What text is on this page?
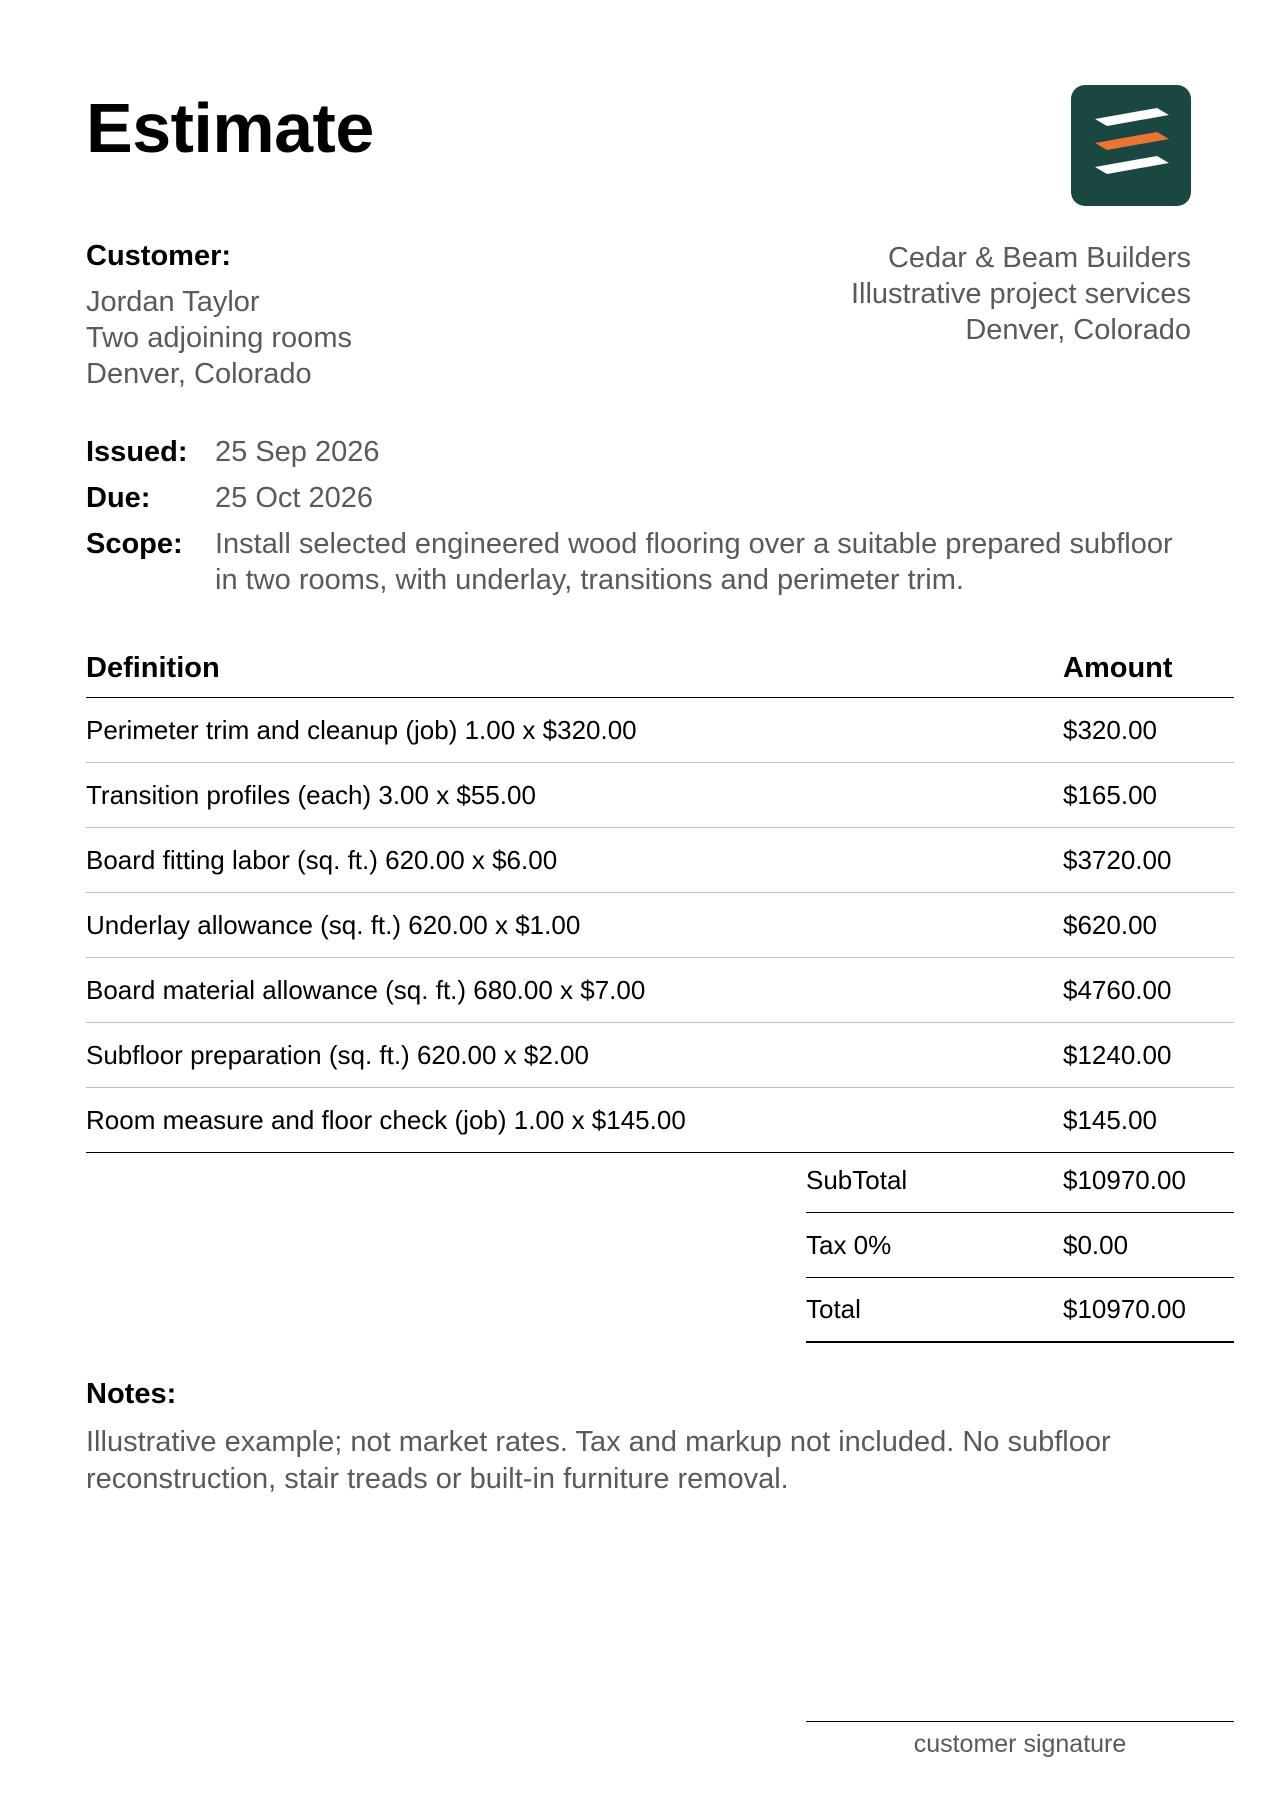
Estimate
Customer:
Jordan Taylor
Two adjoining rooms
Denver, Colorado
Cedar & Beam Builders
Illustrative project services
Denver, Colorado
Issued: 25 Sep 2026
Due:	25 Oct 2026
Scope:	Install selected engineered wood flooring over a suitable prepared subfloor in two rooms, with underlay, transitions and perimeter trim.
Definition	Amount
Perimeter trim and cleanup (job) 1.00 x $320.00	$320.00
Transition profiles (each) 3.00 x $55.00	$165.00
Board fitting labor (sq. ft.) 620.00 x $6.00	$3720.00
Underlay allowance (sq. ft.) 620.00 x $1.00	$620.00
Board material allowance (sq. ft.) 680.00 x $7.00	$4760.00
Subfloor preparation (sq. ft.) 620.00 x $2.00	$1240.00
Room measure and floor check (job) 1.00 x $145.00	$145.00
SubTotal	$10970.00
Tax 0%	$0.00
Total	$10970.00
Notes:
Illustrative example; not market rates. Tax and markup not included. No subfloor reconstruction, stair treads or built-in furniture removal.
customer signature
